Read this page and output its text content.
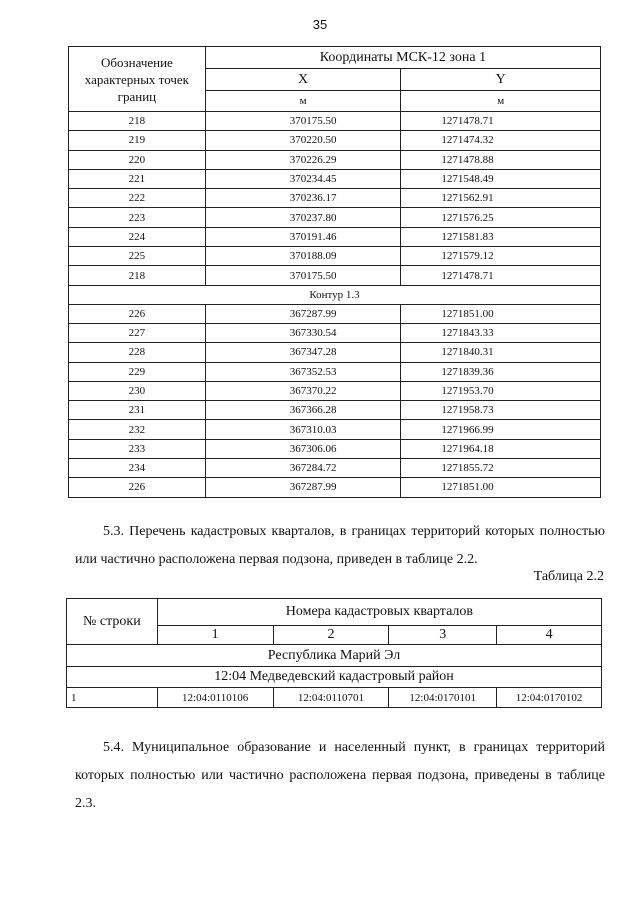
35
Обозначение характерных точек границ	Координаты МСК-12 зона 1	
	X	Y
	м	м
218	370175.50	1271478.71
219	370220.50	1271474.32
220	370226.29	1271478.88
221	370234.45	1271548.49
222	370236.17	1271562.91
223	370237.80	1271576.25
224	370191.46	1271581.83
225	370188.09	1271579.12
218	370175.50	1271478.71
Контур 1.3		
226	367287.99	1271851.00
227	367330.54	1271843.33
228	367347.28	1271840.31
229	367352.53	1271839.36
230	367370.22	1271953.70
231	367366.28	1271958.73
232	367310.03	1271966.99
233	367306.06	1271964.18
234	367284.72	1271855.72
226	367287.99	1271851.00

5.3. Перечень кадастровых кварталов, в границах территорий которых полностью или частично расположена первая подзона, приведен в таблице 2.2.

Таблица 2.2
№ строки	Номера кадастровых кварталов			
	1	2	3	4
Республика Марий Эл				
12:04 Медведевский кадастровый район				
1	12:04:0110106	12:04:0110701	12:04:0170101	12:04:0170102

5.4. Муниципальное образование и населенный пункт, в границах территорий которых полностью или частично расположена первая подзона, приведены в таблице 2.3.
